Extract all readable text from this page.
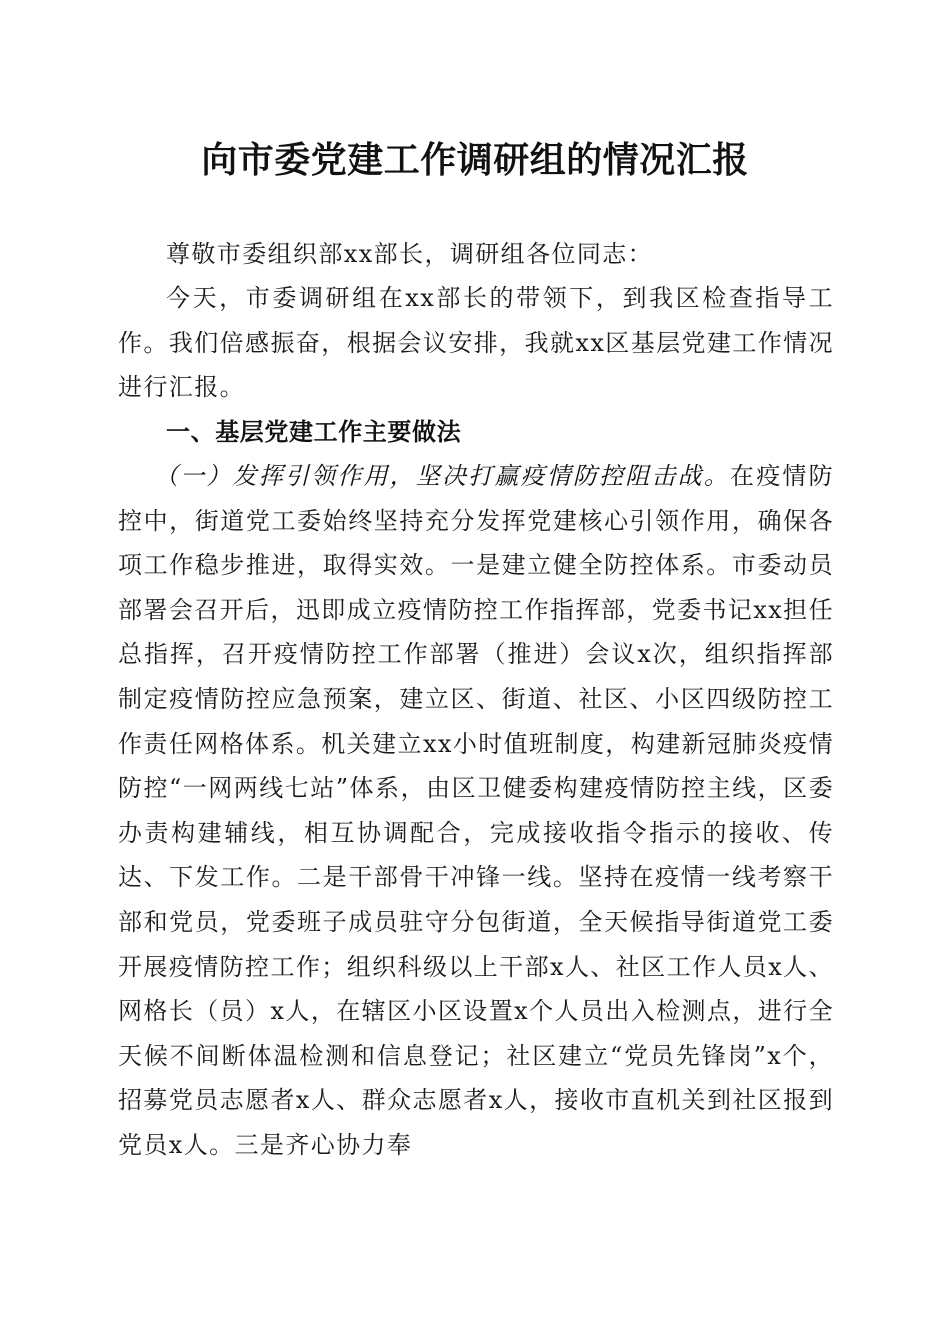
向市委党建工作调研组的情况汇报
尊敬市委组织部xx部长，调研组各位同志：
今天，市委调研组在xx部长的带领下，到我区检查指导工作。我们倍感振奋，根据会议安排，我就xx区基层党建工作情况进行汇报。
一、基层党建工作主要做法
（一）发挥引领作用，坚决打赢疫情防控阻击战。在疫情防控中，街道党工委始终坚持充分发挥党建核心引领作用，确保各项工作稳步推进，取得实效。一是建立健全防控体系。市委动员部署会召开后，迅即成立疫情防控工作指挥部，党委书记xx担任总指挥，召开疫情防控工作部署（推进）会议x次，组织指挥部制定疫情防控应急预案，建立区、街道、社区、小区四级防控工作责任网格体系。机关建立xx小时值班制度，构建新冠肺炎疫情防控“一网两线七站”体系，由区卫健委构建疫情防控主线，区委办责构建辅线，相互协调配合，完成接收指令指示的接收、传达、下发工作。二是干部骨干冲锋一线。坚持在疫情一线考察干部和党员，党委班子成员驻守分包街道，全天候指导街道党工委开展疫情防控工作；组织科级以上干部x人、社区工作人员x人、网格长（员）x人，在辖区小区设置x个人员出入检测点，进行全天候不间断体温检测和信息登记；社区建立“党员先锋岗”x个，招募党员志愿者x人、群众志愿者x人，接收市直机关到社区报到党员x人。三是齐心协力奉
